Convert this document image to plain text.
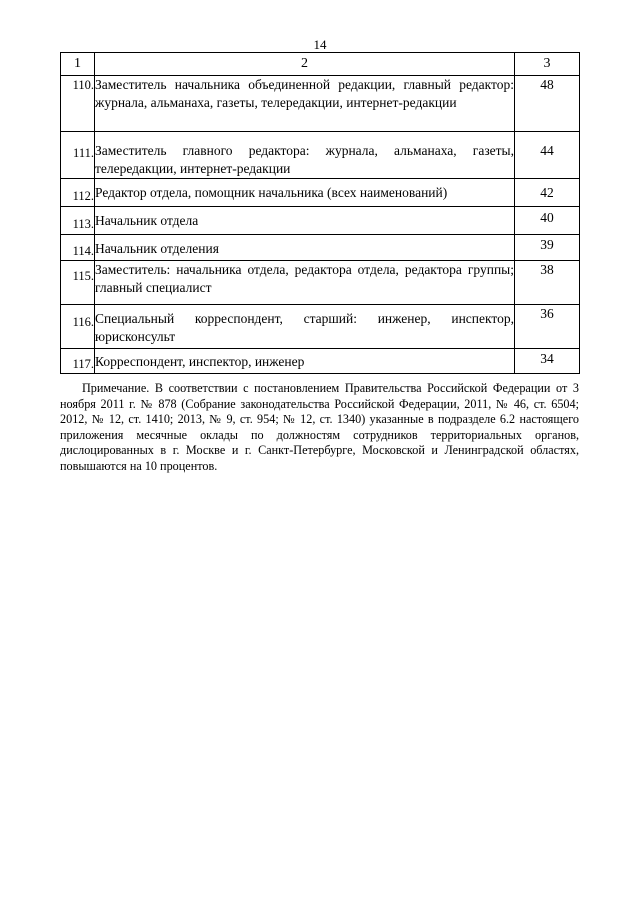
14
1	2	3
110.	Заместитель начальника объединенной редакции, главный редактор: журнала, альманаха, газеты, телередакции, интернет-редакции	48
111.	Заместитель главного редактора: журнала, альманаха, газеты, телередакции, интернет-редакции	44
112.	Редактор отдела, помощник начальника (всех наименований)	42
113.	Начальник отдела	40
114.	Начальник отделения	39
115.	Заместитель: начальника отдела, редактора отдела, редактора группы; главный специалист	38
116.	Специальный корреспондент, старший: инженер, инспектор, юрисконсульт	36
117.	Корреспондент, инспектор, инженер	34
Примечание. В соответствии с постановлением Правительства Российской Федерации от 3 ноября 2011 г. № 878 (Собрание законодательства Российской Федерации, 2011, № 46, ст. 6504; 2012, № 12, ст. 1410; 2013, № 9, ст. 954; № 12, ст. 1340) указанные в подразделе 6.2 настоящего приложения месячные оклады по должностям сотрудников территориальных органов, дислоцированных в г. Москве и г. Санкт-Петербурге, Московской и Ленинградской областях, повышаются на 10 процентов.
